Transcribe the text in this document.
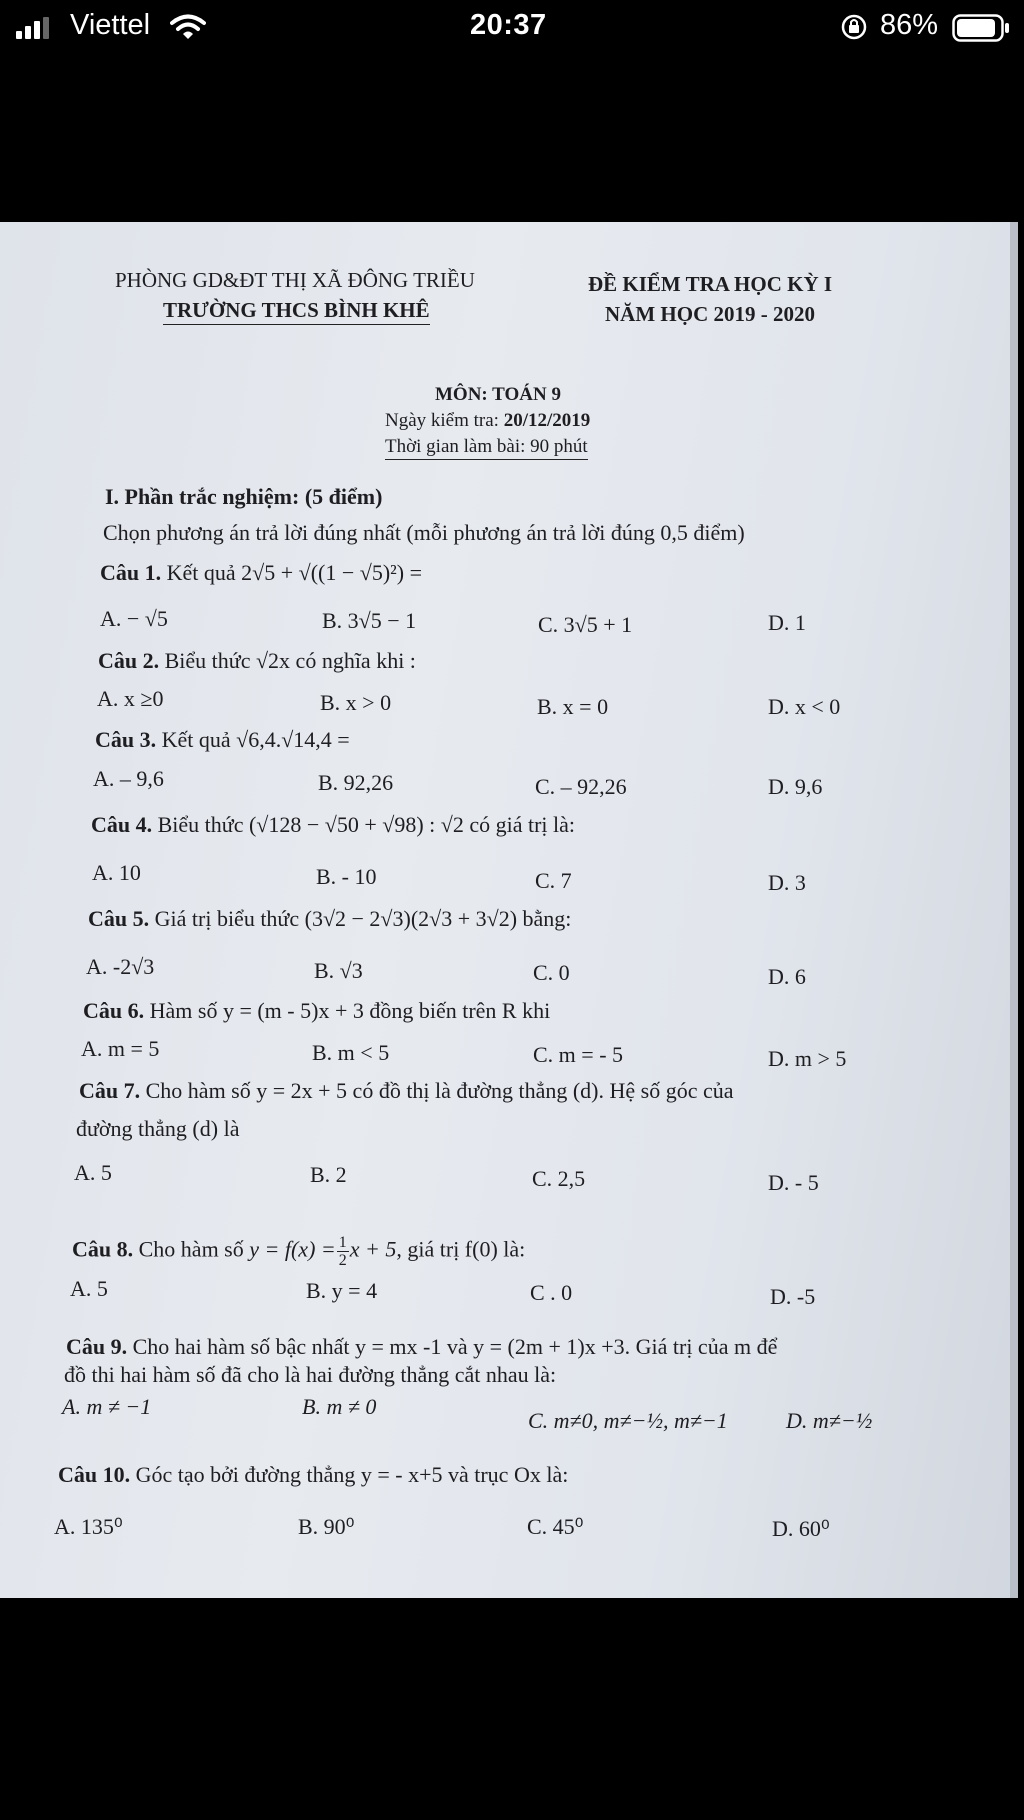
Viettel	20:37	86%
PHÒNG GD&ĐT THỊ XÃ ĐÔNG TRIỀU
TRƯỜNG THCS BÌNH KHÊ
ĐỀ KIỂM TRA HỌC KỲ I
NĂM HỌC 2019 - 2020
MÔN: TOÁN 9
Ngày kiểm tra: 20/12/2019
Thời gian làm bài: 90 phút
I. Phần trắc nghiệm: (5 điểm)
Chọn phương án trả lời đúng nhất (mỗi phương án trả lời đúng 0,5 điểm)
Câu 1. Kết quả 2√5 + √((1 − √5)²) =
A. − √5	B. 3√5 − 1	C. 3√5 + 1	D. 1
Câu 2. Biểu thức √2x có nghĩa khi :
A. x ≥0	B. x > 0	B. x = 0	D. x < 0
Câu 3. Kết quả √6,4.√14,4 =
A. – 9,6	B. 92,26	C. – 92,26	D. 9,6
Câu 4. Biểu thức (√128 − √50 + √98) : √2 có giá trị là:
A. 10	B. - 10	C. 7	D. 3
Câu 5. Giá trị biểu thức (3√2 − 2√3)(2√3 + 3√2) bằng:
A. -2√3	B. √3	C. 0	D. 6
Câu 6. Hàm số y = (m - 5)x + 3 đồng biến trên R khi
A. m = 5	B. m < 5	C. m = - 5	D. m > 5
Câu 7. Cho hàm số y = 2x + 5 có đồ thị là đường thẳng (d). Hệ số góc của
đường thẳng (d) là
A. 5	B. 2	C. 2,5	D. - 5
Câu 8. Cho hàm số $y = f(x) = \frac{1}{2}$ x + 5, giá trị f(0) là:
A. 5	B. y = 4	C . 0	D. -5
Câu 9. Cho hai hàm số bậc nhất y = mx -1 và y = (2m + 1)x +3. Giá trị của m để
đồ thi hai hàm số đã cho là hai đường thẳng cắt nhau là:
A. m ≠ −1	B. m ≠ 0
C. m≠0, m≠−½, m≠−1	D. m≠−½
Câu 10. Góc tạo bởi đường thẳng y = - x+5 và trục Ox là:
A. 135⁰	B. 90⁰	C. 45⁰	D. 60⁰
